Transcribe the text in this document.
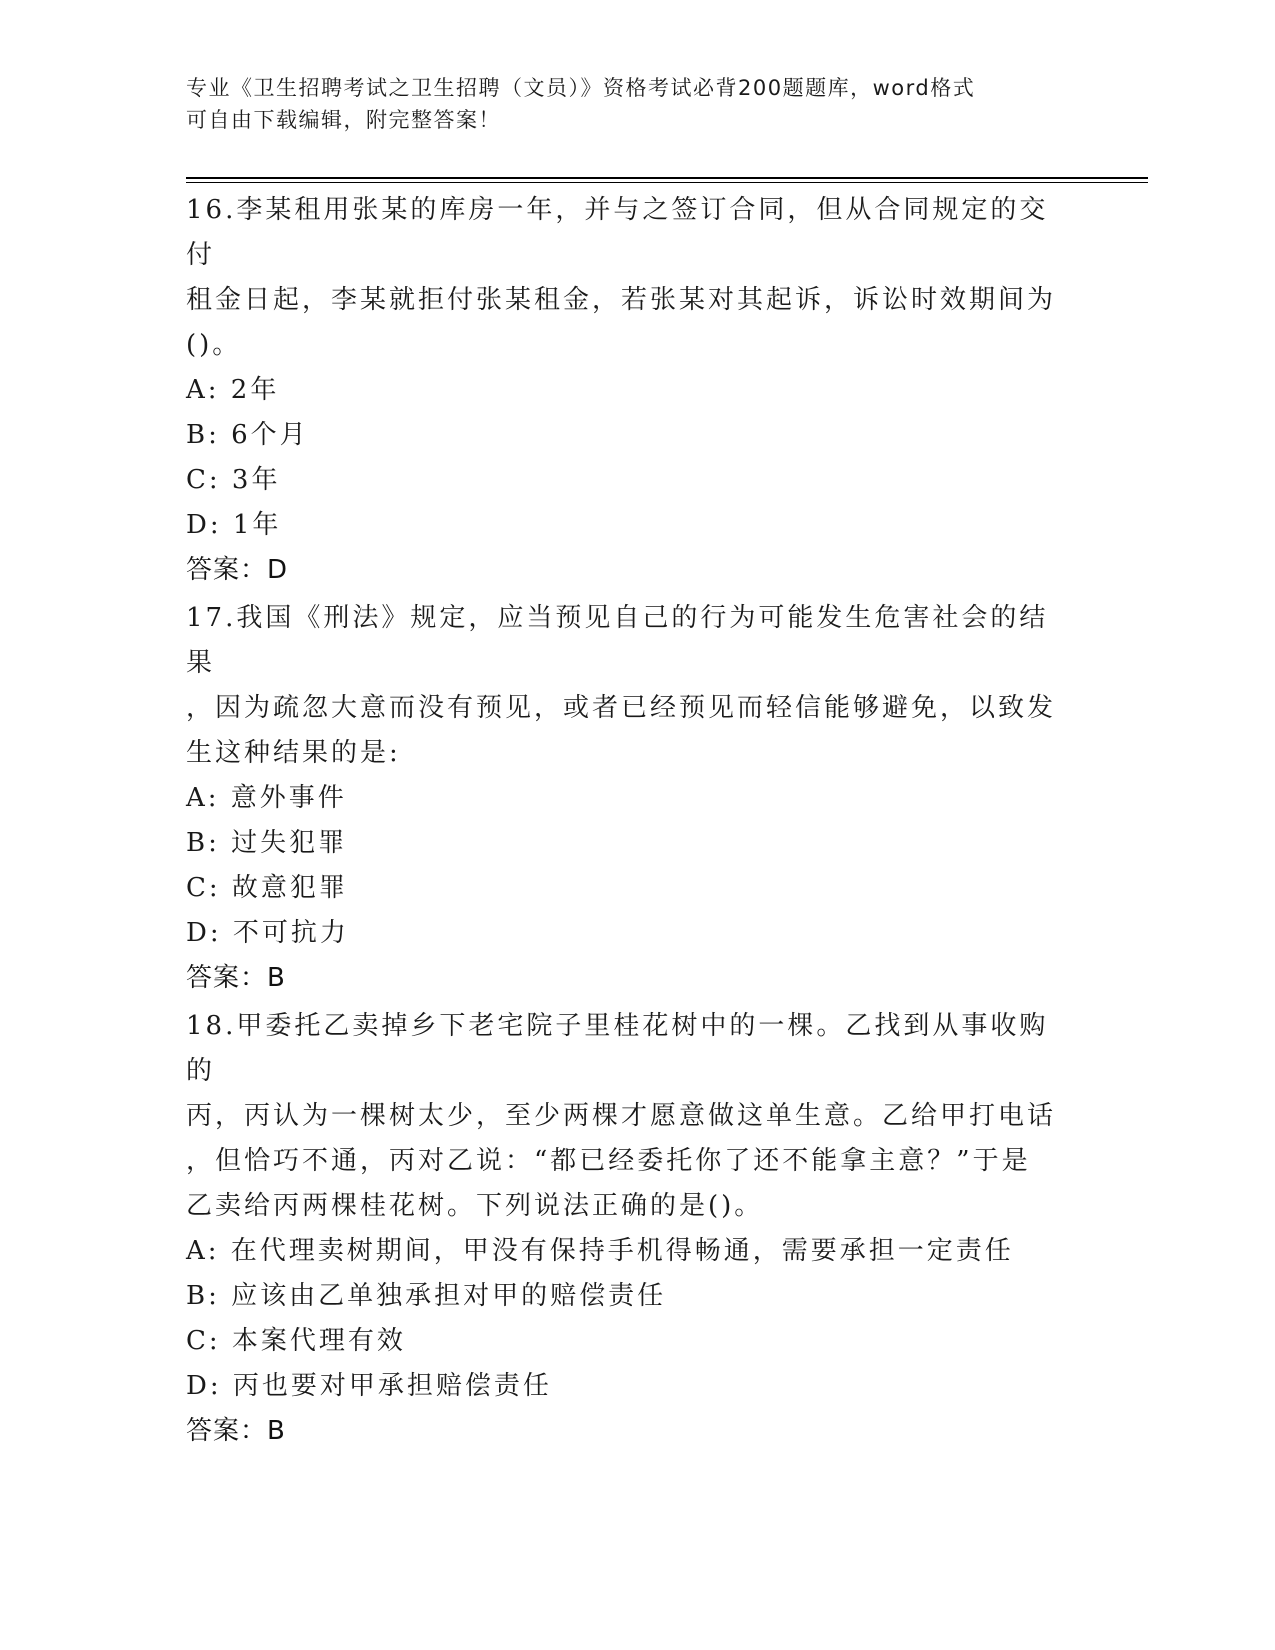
专业《卫生招聘考试之卫生招聘（文员）》资格考试必背200题题库，word格式
可自由下载编辑，附完整答案！

16.李某租用张某的库房一年，并与之签订合同，但从合同规定的交付
租金日起，李某就拒付张某租金，若张某对其起诉，诉讼时效期间为
()。

A: 2年

B: 6个月

C: 3年

D: 1年

答案：D

17.我国《刑法》规定，应当预见自己的行为可能发生危害社会的结果
，因为疏忽大意而没有预见，或者已经预见而轻信能够避免，以致发
生这种结果的是:

A: 意外事件

B: 过失犯罪

C: 故意犯罪

D: 不可抗力

答案：B

18.甲委托乙卖掉乡下老宅院子里桂花树中的一棵。乙找到从事收购的
丙，丙认为一棵树太少，至少两棵才愿意做这单生意。乙给甲打电话
，但恰巧不通，丙对乙说：“都已经委托你了还不能拿主意？”于是
乙卖给丙两棵桂花树。下列说法正确的是()。

A: 在代理卖树期间，甲没有保持手机得畅通，需要承担一定责任

B: 应该由乙单独承担对甲的赔偿责任

C: 本案代理有效

D: 丙也要对甲承担赔偿责任

答案：B
